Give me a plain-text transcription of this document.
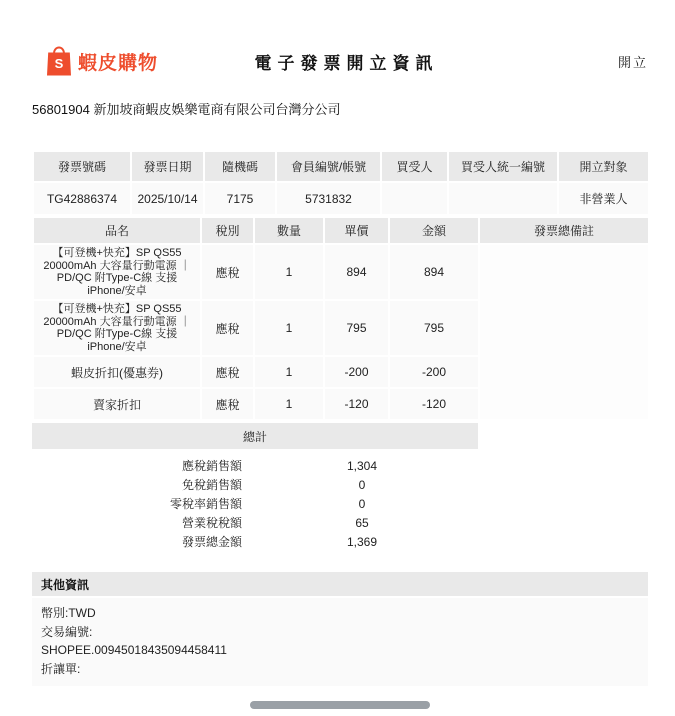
S 蝦皮購物	電子發票開立資訊	開立
56801904 新加坡商蝦皮娛樂電商有限公司台灣分公司
發票號碼	發票日期	隨機碼	會員編號/帳號	買受人	買受人統一編號	開立對象
TG42886374	2025/10/14	7175	5731832			非營業人
品名	稅別	數量	單價	金額	發票總備註
【可登機+快充】SP QS55 20000mAh 大容量行動電源 ｜PD/QC 附Type-C線 支援 iPhone/安卓	應稅	1	894	894	
【可登機+快充】SP QS55 20000mAh 大容量行動電源 ｜PD/QC 附Type-C線 支援 iPhone/安卓	應稅	1	795	795	
蝦皮折扣(優惠券)	應稅	1	-200	-200	
賣家折扣	應稅	1	-120	-120	
總計
應稅銷售額	1,304
免稅銷售額	0
零稅率銷售額	0
營業稅稅額	65
發票總金額	1,369
其他資訊
幣別:TWD
交易編號:
SHOPEE.00945018435094458411
折讓單:
